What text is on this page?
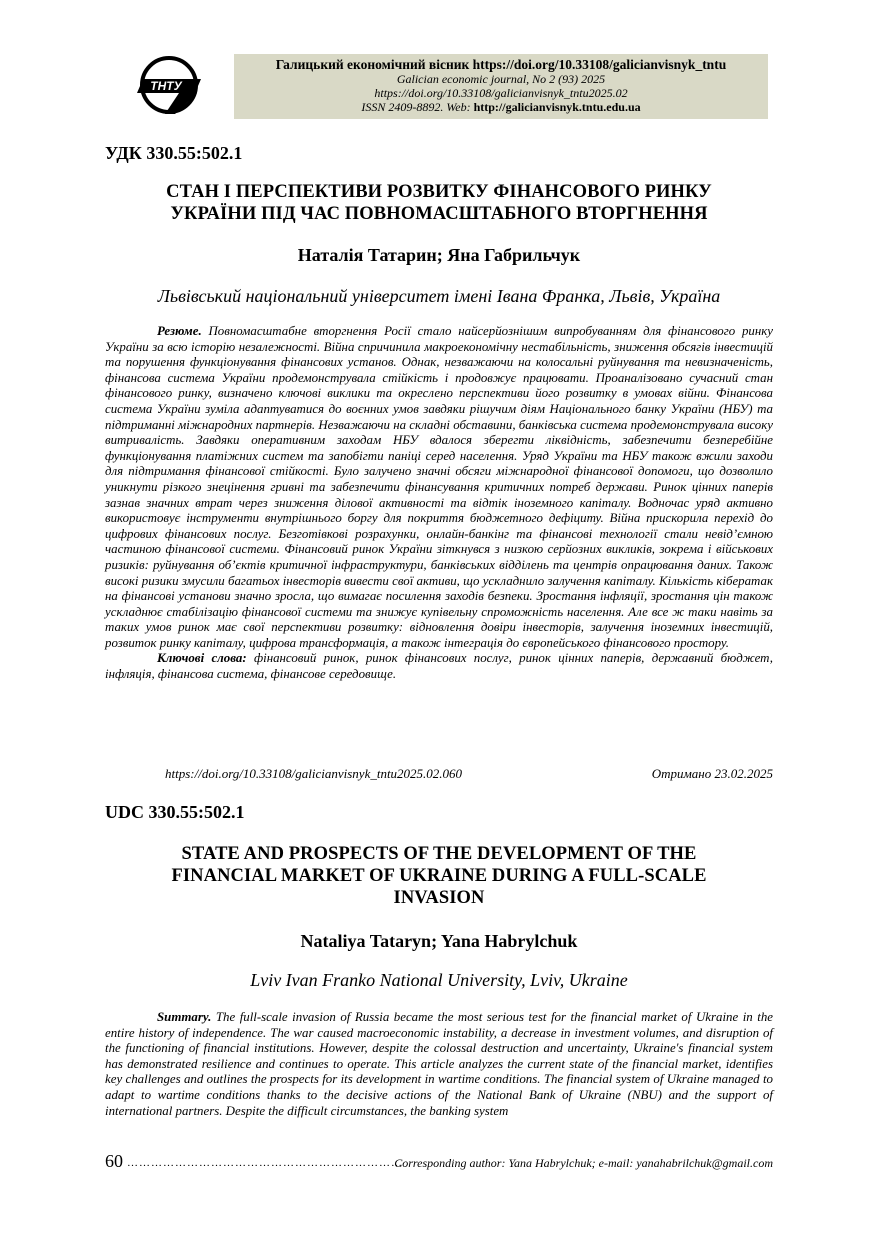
ТНТУ
Галицький економічний вісник https://doi.org/10.33108/galicianvisnyk_tntu
Galician economic journal, No 2 (93) 2025
https://doi.org/10.33108/galicianvisnyk_tntu2025.02
ISSN 2409-8892. Web: http://galicianvisnyk.tntu.edu.ua
УДК 330.55:502.1
СТАН І ПЕРСПЕКТИВИ РОЗВИТКУ ФІНАНСОВОГО РИНКУ
УКРАЇНИ ПІД ЧАС ПОВНОМАСШТАБНОГО ВТОРГНЕННЯ
Наталія Татарин; Яна Габрильчук
Львівський національний університет імені Івана Франка, Львів, Україна

Резюме. Повномасштабне вторгнення Росії стало найсерйознішим випробуванням для фінансового ринку України за всю історію незалежності. Війна спричинила макроекономічну нестабільність, зниження обсягів інвестицій та порушення функціонування фінансових установ. Однак, незважаючи на колосальні руйнування та невизначеність, фінансова система України продемонструвала стійкість і продовжує працювати. Проаналізовано сучасний стан фінансового ринку, визначено ключові виклики та окреслено перспективи його розвитку в умовах війни. Фінансова система України зуміла адаптуватися до воєнних умов завдяки рішучим діям Національного банку України (НБУ) та підтриманні міжнародних партнерів. Незважаючи на складні обставини, банківська система продемонструвала високу витривалість. Завдяки оперативним заходам НБУ вдалося зберегти ліквідність, забезпечити безперебійне функціонування платіжних систем та запобігти паніці серед населення. Уряд України та НБУ також вжили заходи для підтримання фінансової стійкості. Було залучено значні обсяги міжнародної фінансової допомоги, що дозволило уникнути різкого знецінення гривні та забезпечити фінансування критичних потреб держави. Ринок цінних паперів зазнав значних втрат через зниження ділової активності та відтік іноземного капіталу. Водночас уряд активно використовує інструменти внутрішнього боргу для покриття бюджетного дефіциту. Війна прискорила перехід до цифрових фінансових послуг. Безготівкові розрахунки, онлайн-банкінг та фінансові технології стали невід’ємною частиною фінансової системи. Фінансовий ринок України зіткнувся з низкою серйозних викликів, зокрема і військових ризиків: руйнування об’єктів критичної інфраструктури, банківських відділень та центрів опрацювання даних. Також високі ризики змусили багатьох інвесторів вивести свої активи, що ускладнило залучення капіталу. Кількість кібератак на фінансові установи значно зросла, що вимагає посилення заходів безпеки. Зростання інфляції, зростання цін також ускладнює стабілізацію фінансової системи та знижує купівельну спроможність населення. Але все ж таки навіть за таких умов ринок має свої перспективи розвитку: відновлення довіри інвесторів, залучення іноземних інвестицій, розвиток ринку капіталу, цифрова трансформація, а також інтеграція до європейського фінансового простору.

Ключові слова: фінансовий ринок, ринок фінансових послуг, ринок цінних паперів, державний бюджет, інфляція, фінансова система, фінансове середовище.

https://doi.org/10.33108/galicianvisnyk_tntu2025.02.060	Отримано 23.02.2025
UDC 330.55:502.1
STATE AND PROSPECTS OF THE DEVELOPMENT OF THE
FINANCIAL MARKET OF UKRAINE DURING A FULL-SCALE
INVASION
Nataliya Tataryn; Yana Habrylchuk
Lviv Ivan Franko National University, Lviv, Ukraine

Summary. The full-scale invasion of Russia became the most serious test for the financial market of Ukraine in the entire history of independence. The war caused macroeconomic instability, a decrease in investment volumes, and disruption of the functioning of financial institutions. However, despite the colossal destruction and uncertainty, Ukraine's financial system has demonstrated resilience and continues to operate. This article analyzes the current state of the financial market, identifies key challenges and outlines the prospects for its development in wartime conditions. The financial system of Ukraine managed to adapt to wartime conditions thanks to the decisive actions of the National Bank of Ukraine (NBU) and the support of international partners. Despite the difficult circumstances, the banking system

60 ……………………………………………………………
Corresponding author: Yana Habrylchuk; e-mail: yanahabrilchuk@gmail.com
